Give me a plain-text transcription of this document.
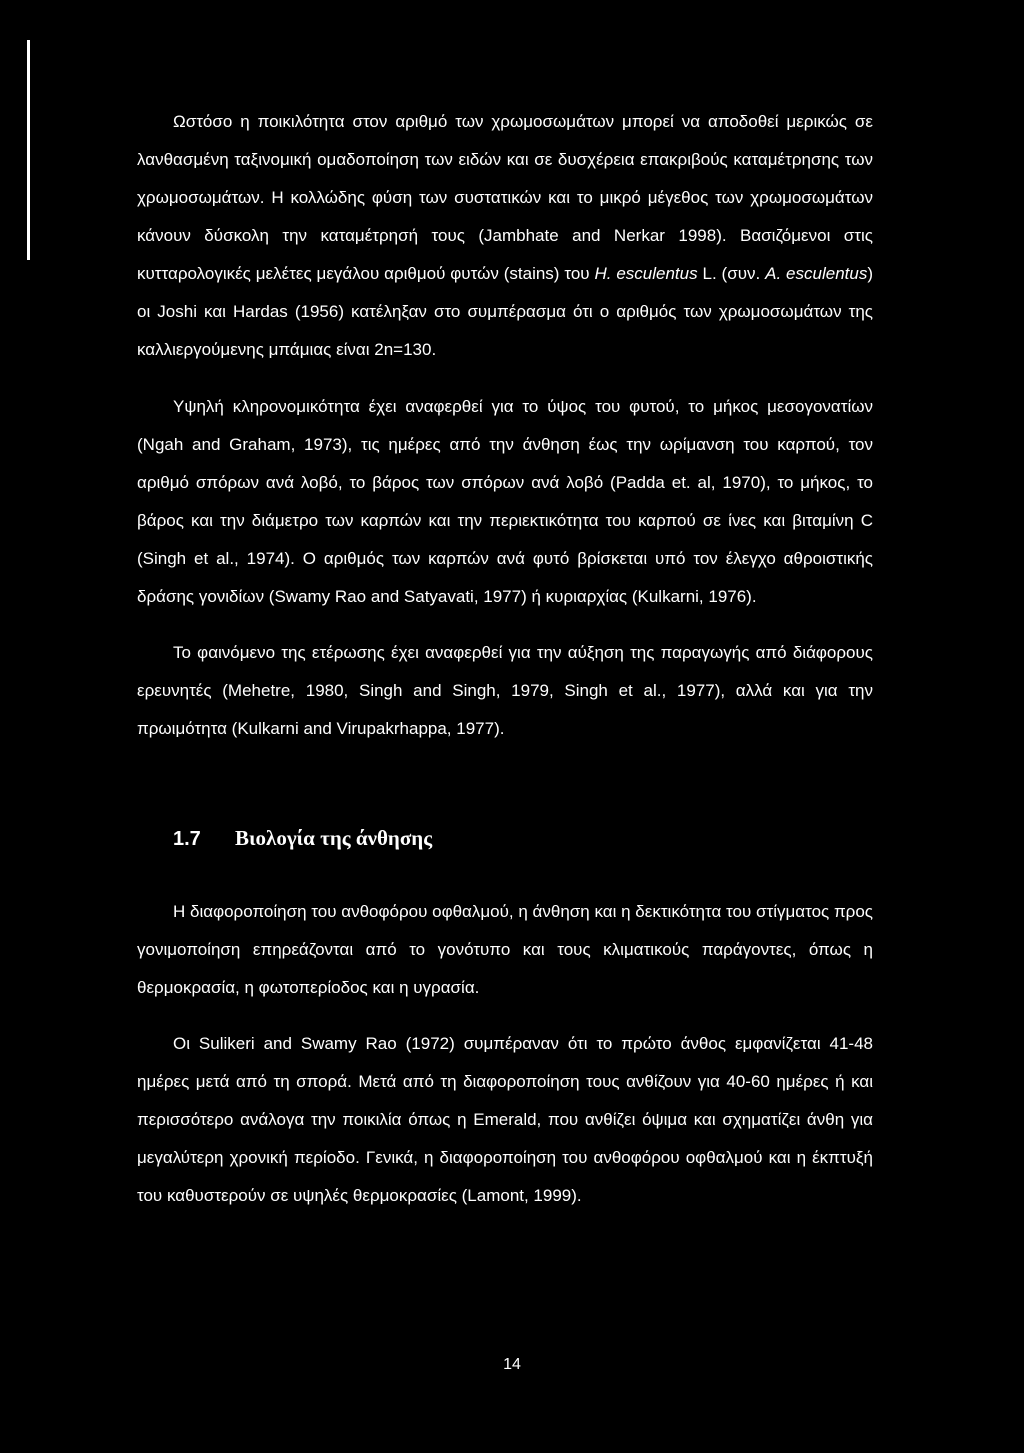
Ωστόσο η ποικιλότητα στον αριθμό των χρωμοσωμάτων μπορεί να αποδοθεί μερικώς σε λανθασμένη ταξινομική ομαδοποίηση των ειδών και σε δυσχέρεια επακριβούς καταμέτρησης των χρωμοσωμάτων. Η κολλώδης φύση των συστατικών και το μικρό μέγεθος των χρωμοσωμάτων κάνουν δύσκολη την καταμέτρησή τους (Jambhate and Nerkar 1998). Βασιζόμενοι στις κυτταρολογικές μελέτες μεγάλου αριθμού φυτών (stains) του H. esculentus L. (συν. A. esculentus) οι Joshi και Hardas (1956) κατέληξαν στο συμπέρασμα ότι ο αριθμός των χρωμοσωμάτων της καλλιεργούμενης μπάμιας είναι 2n=130.

Υψηλή κληρονομικότητα έχει αναφερθεί για το ύψος του φυτού, το μήκος μεσογονατίων (Ngah and Graham, 1973), τις ημέρες από την άνθηση έως την ωρίμανση του καρπού, τον αριθμό σπόρων ανά λοβό, το βάρος των σπόρων ανά λοβό (Padda et. al, 1970), το μήκος, το βάρος και την διάμετρο των καρπών και την περιεκτικότητα του καρπού σε ίνες και βιταμίνη C (Singh et al., 1974). Ο αριθμός των καρπών ανά φυτό βρίσκεται υπό τον έλεγχο αθροιστικής δράσης γονιδίων (Swamy Rao and Satyavati, 1977) ή κυριαρχίας (Kulkarni, 1976).

Το φαινόμενο της ετέρωσης έχει αναφερθεί για την αύξηση της παραγωγής από διάφορους ερευνητές (Mehetre, 1980, Singh and Singh, 1979, Singh et al., 1977), αλλά και για την πρωιμότητα (Kulkarni and Virupakrhappa, 1977).

1.7 Βιολογία της άνθησης

Η διαφοροποίηση του ανθοφόρου οφθαλμού, η άνθηση και η δεκτικότητα του στίγματος προς γονιμοποίηση επηρεάζονται από το γονότυπο και τους κλιματικούς παράγοντες, όπως η θερμοκρασία, η φωτοπερίοδος και η υγρασία.

Οι Sulikeri and Swamy Rao (1972) συμπέραναν ότι το πρώτο άνθος εμφανίζεται 41-48 ημέρες μετά από τη σπορά. Μετά από τη διαφοροποίηση τους ανθίζουν για 40-60 ημέρες ή και περισσότερο ανάλογα την ποικιλία όπως η Emerald, που ανθίζει όψιμα και σχηματίζει άνθη για μεγαλύτερη χρονική περίοδο. Γενικά, η διαφοροποίηση του ανθοφόρου οφθαλμού και η έκπτυξή του καθυστερούν σε υψηλές θερμοκρασίες (Lamont, 1999).

14
